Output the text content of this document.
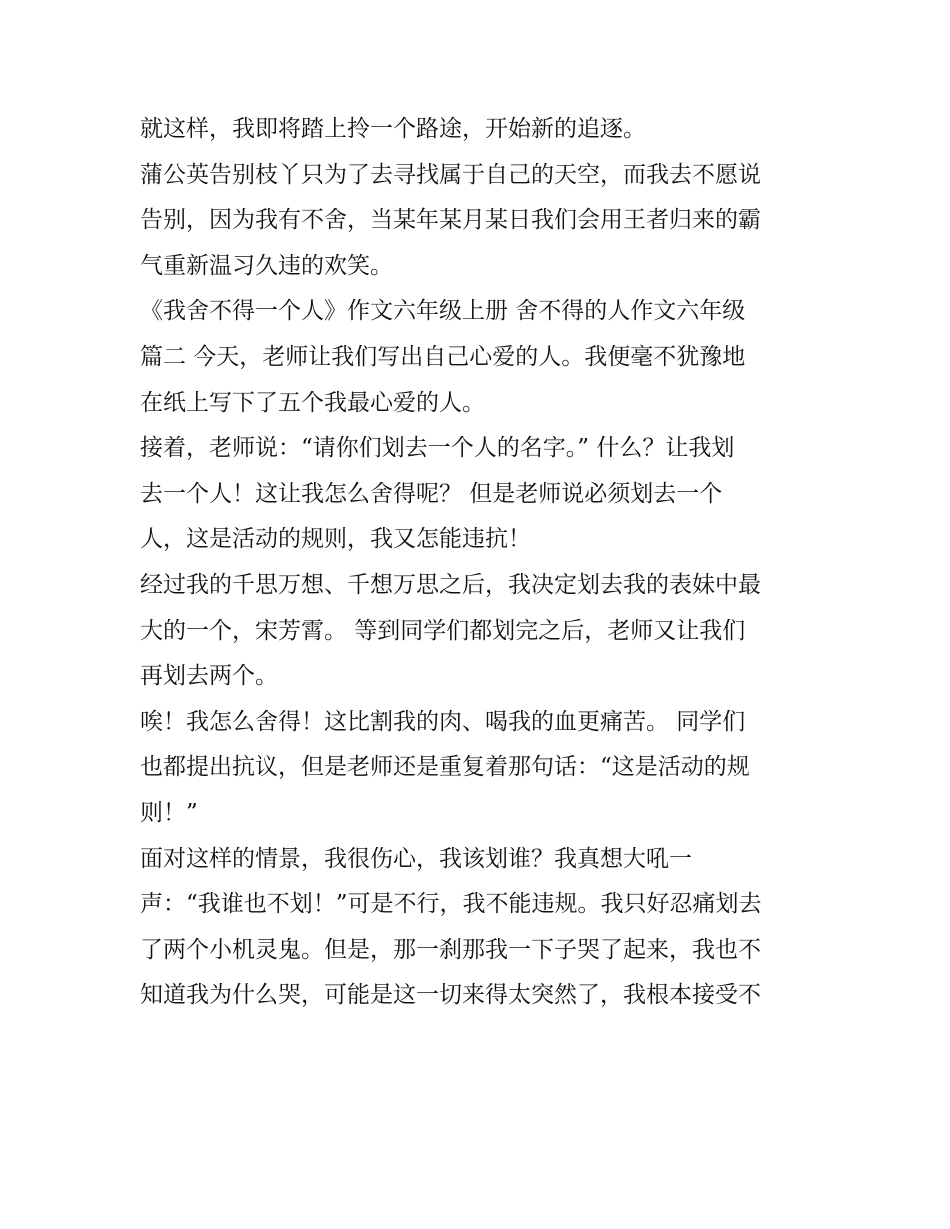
就这样，我即将踏上拎一个路途，开始新的追逐。
蒲公英告别枝丫只为了去寻找属于自己的天空，而我去不愿说
告别，因为我有不舍，当某年某月某日我们会用王者归来的霸
气重新温习久违的欢笑。
《我舍不得一个人》作文六年级上册 舍不得的人作文六年级
篇二 今天，老师让我们写出自己心爱的人。我便毫不犹豫地
在纸上写下了五个我最心爱的人。
接着，老师说：“请你们划去一个人的名字。” 什么？让我划
去一个人！这让我怎么舍得呢？ 但是老师说必须划去一个
人，这是活动的规则，我又怎能违抗！
经过我的千思万想、千想万思之后，我决定划去我的表妹中最
大的一个，宋芳霄。 等到同学们都划完之后，老师又让我们
再划去两个。
唉！我怎么舍得！这比割我的肉、喝我的血更痛苦。 同学们
也都提出抗议，但是老师还是重复着那句话：“这是活动的规
则！”
面对这样的情景，我很伤心，我该划谁？我真想大吼一
声：“我谁也不划！”可是不行，我不能违规。我只好忍痛划去
了两个小机灵鬼。但是，那一刹那我一下子哭了起来，我也不
知道我为什么哭，可能是这一切来得太突然了，我根本接受不
